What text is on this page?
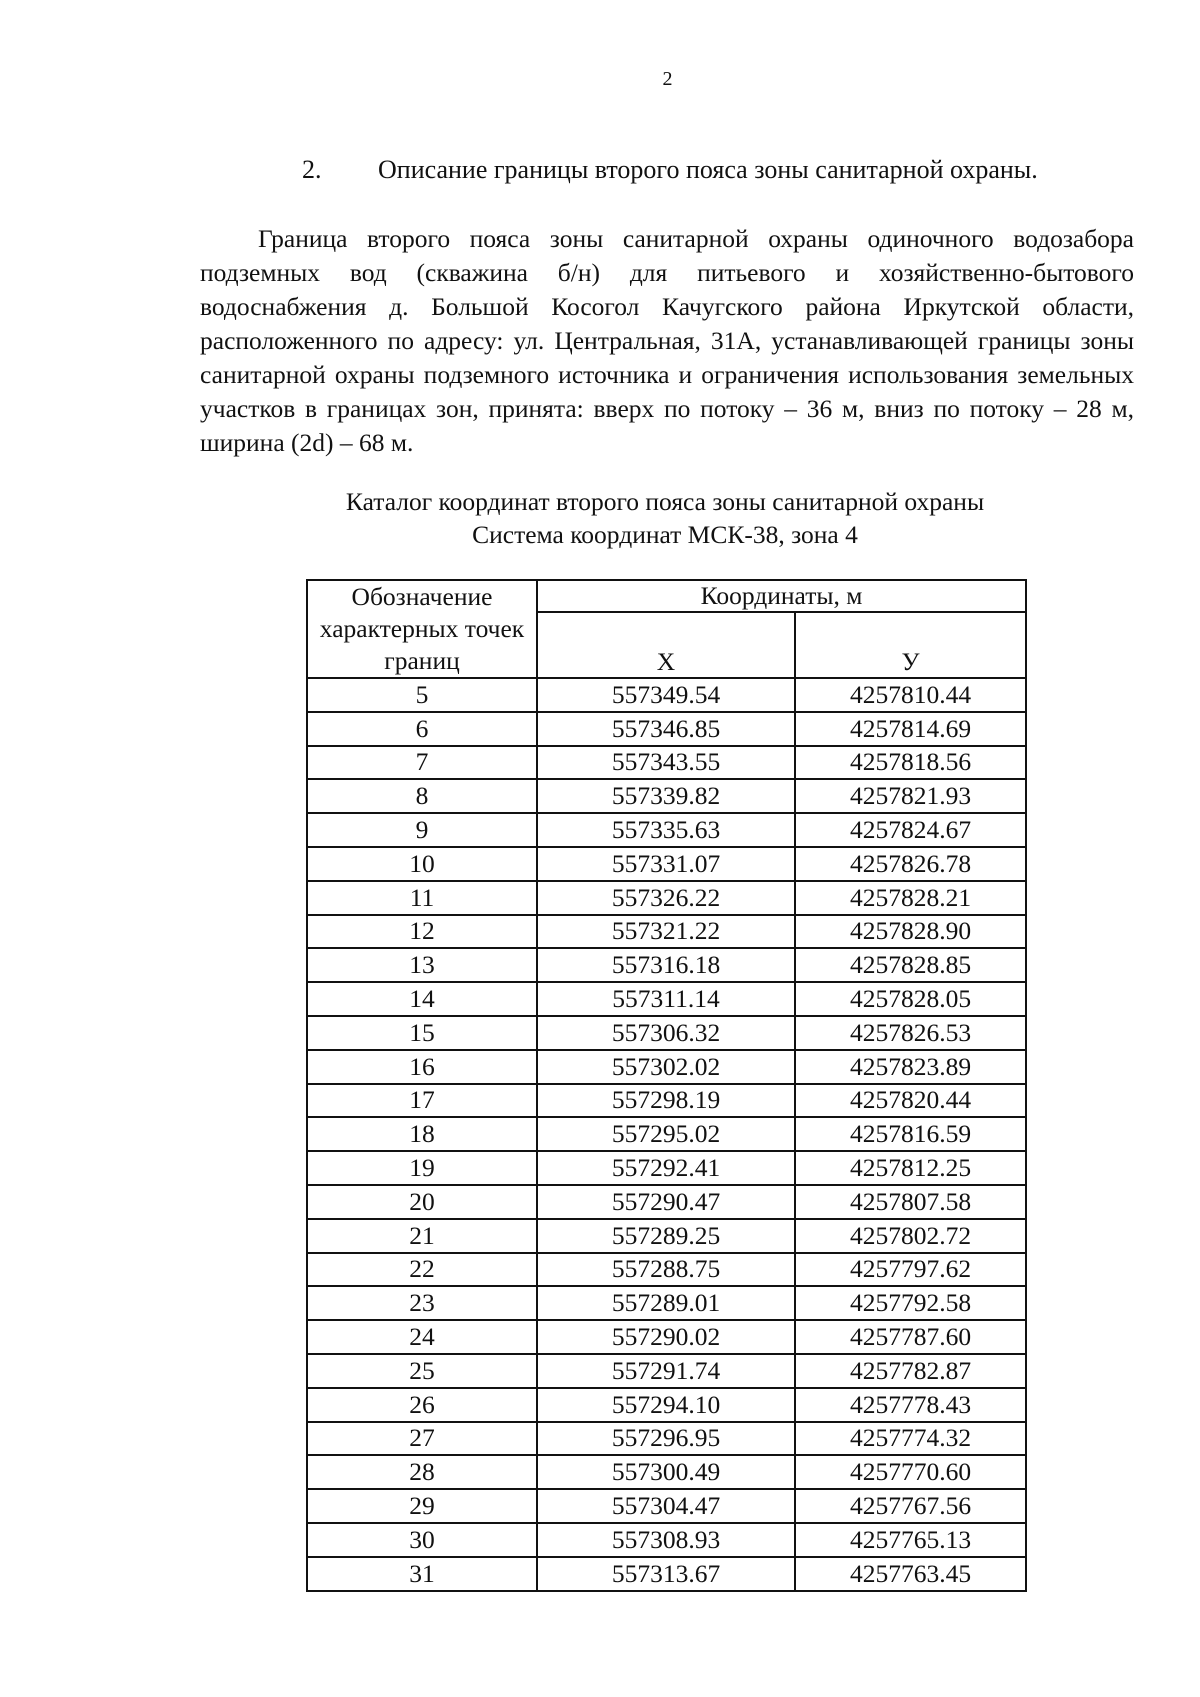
2
2. Описание границы второго пояса зоны санитарной охраны.
Граница второго пояса зоны санитарной охраны одиночного водозабора подземных вод (скважина б/н) для питьевого и хозяйственно-бытового водоснабжения д. Большой Косогол Качугского района Иркутской области, расположенного по адресу: ул. Центральная, 31А, устанавливающей границы зоны санитарной охраны подземного источника и ограничения использования земельных участков в границах зон, принята: вверх по потоку – 36 м, вниз по потоку – 28 м, ширина (2d) – 68 м.
Каталог координат второго пояса зоны санитарной охраны
Система координат МСК-38, зона 4
Обозначение характерных точек границ	Координаты, м	
	X	У
5	557349.54	4257810.44
6	557346.85	4257814.69
7	557343.55	4257818.56
8	557339.82	4257821.93
9	557335.63	4257824.67
10	557331.07	4257826.78
11	557326.22	4257828.21
12	557321.22	4257828.90
13	557316.18	4257828.85
14	557311.14	4257828.05
15	557306.32	4257826.53
16	557302.02	4257823.89
17	557298.19	4257820.44
18	557295.02	4257816.59
19	557292.41	4257812.25
20	557290.47	4257807.58
21	557289.25	4257802.72
22	557288.75	4257797.62
23	557289.01	4257792.58
24	557290.02	4257787.60
25	557291.74	4257782.87
26	557294.10	4257778.43
27	557296.95	4257774.32
28	557300.49	4257770.60
29	557304.47	4257767.56
30	557308.93	4257765.13
31	557313.67	4257763.45
